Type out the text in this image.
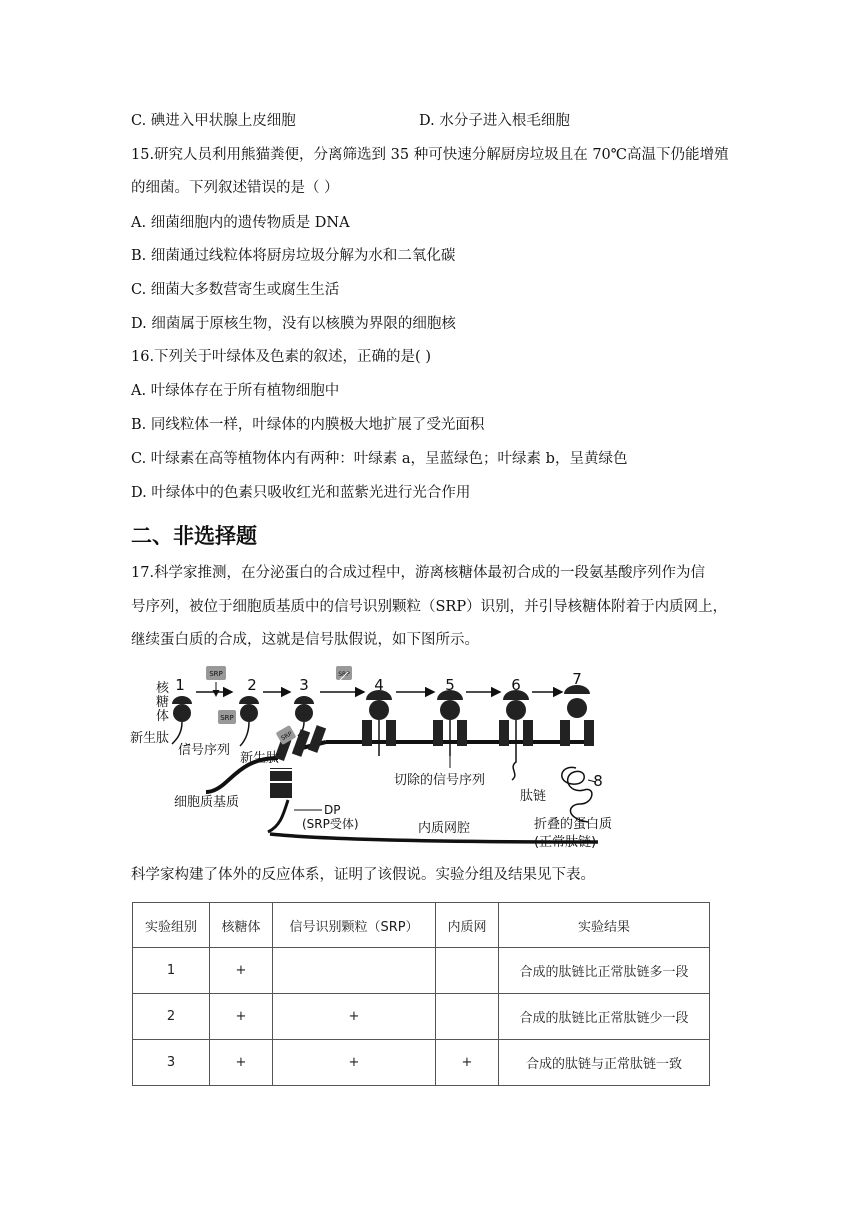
C. 碘进入甲状腺上皮细胞	D. 水分子进入根毛细胞
15.研究人员利用熊猫粪便，分离筛选到 35 种可快速分解厨房垃圾且在 70℃高温下仍能增殖
的细菌。下列叙述错误的是（ ）
A. 细菌细胞内的遗传物质是 DNA
B. 细菌通过线粒体将厨房垃圾分解为水和二氧化碳
C. 细菌大多数营寄生或腐生生活
D. 细菌属于原核生物，没有以核膜为界限的细胞核
16.下列关于叶绿体及色素的叙述，正确的是( )
A. 叶绿体存在于所有植物细胞中
B. 同线粒体一样，叶绿体的内膜极大地扩展了受光面积
C. 叶绿素在高等植物体内有两种：叶绿素 a，呈蓝绿色；叶绿素 b，呈黄绿色
D. 叶绿体中的色素只吸收红光和蓝紫光进行光合作用
二、非选择题
17.科学家推测，在分泌蛋白的合成过程中，游离核糖体最初合成的一段氨基酸序列作为信
号序列，被位于细胞质基质中的信号识别颗粒（SRP）识别，并引导核糖体附着于内质网上，
继续蛋白质的合成，这就是信号肽假说，如下图所示。
SRP
SRP
SRP
SRP
1	2	3	4	5	6	7
8
核
糖
体
新生肽
信号序列
新生肽
切除的信号序列
肽链
细胞质基质	DP
(SRP受体)	内质网腔	折叠的蛋白质
(正常肽链)
科学家构建了体外的反应体系，证明了该假说。实验分组及结果见下表。
实验组别	核糖体	信号识别颗粒（SRP）	内质网	实验结果
1	+			合成的肽链比正常肽链多一段
2	+	+		合成的肽链比正常肽链少一段
3	+	+	+	合成的肽链与正常肽链一致
